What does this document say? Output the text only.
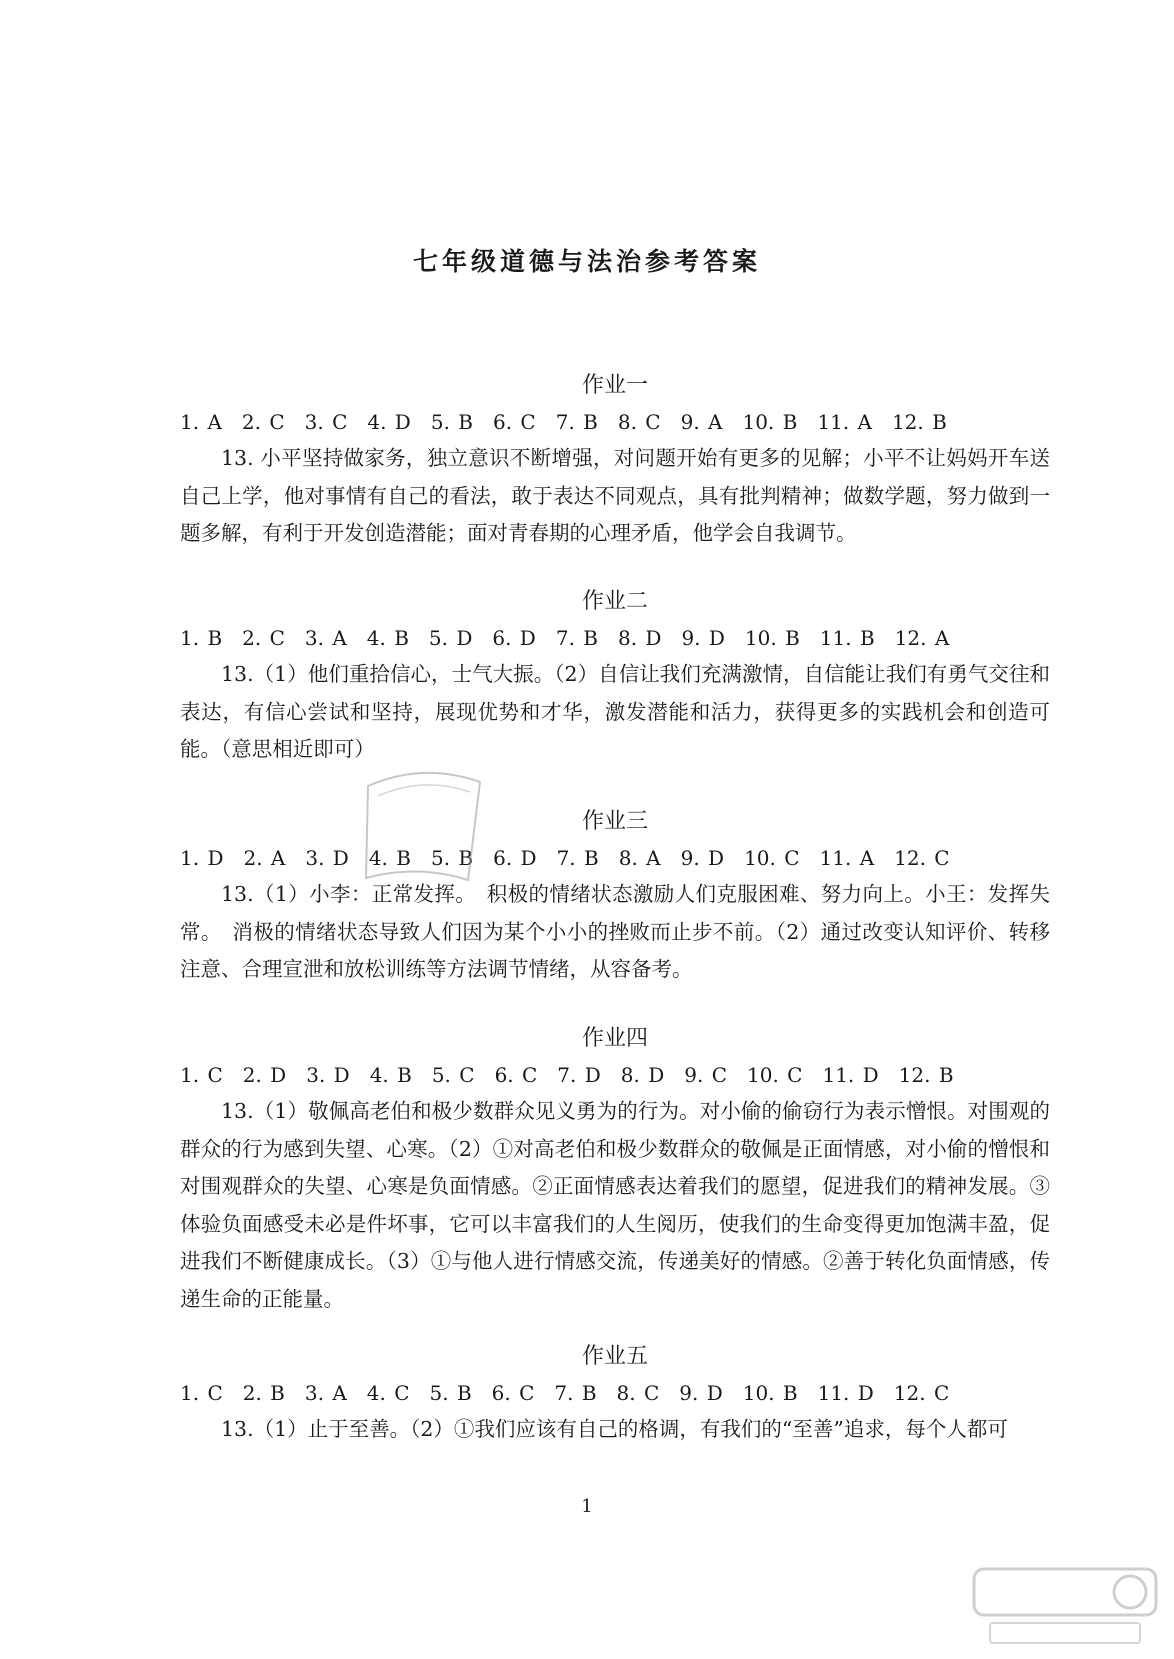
七年级道德与法治参考答案
作业一
1. A　2. C　3. C　4. D　5. B　6. C　7. B　8. C　9. A　10. B　11. A　12. B

13. 小平坚持做家务，独立意识不断增强，对问题开始有更多的见解；小平不让妈妈开车送自己上学，他对事情有自己的看法，敢于表达不同观点，具有批判精神；做数学题，努力做到一题多解，有利于开发创造潜能；面对青春期的心理矛盾，他学会自我调节。

作业二
1. B　2. C　3. A　4. B　5. D　6. D　7. B　8. D　9. D　10. B　11. B　12. A

13.（1）他们重拾信心，士气大振。（2）自信让我们充满激情，自信能让我们有勇气交往和表达，有信心尝试和坚持，展现优势和才华，激发潜能和活力，获得更多的实践机会和创造可能。（意思相近即可）

作业三
1. D　2. A　3. D　4. B　5. B　6. D　7. B　8. A　9. D　10. C　11. A　12. C

13.（1）小李：正常发挥。　积极的情绪状态激励人们克服困难、努力向上。小王：发挥失常。　消极的情绪状态导致人们因为某个小小的挫败而止步不前。（2）通过改变认知评价、转移注意、合理宣泄和放松训练等方法调节情绪，从容备考。

作业四
1. C　2. D　3. D　4. B　5. C　6. C　7. D　8. D　9. C　10. C　11. D　12. B

13.（1）敬佩高老伯和极少数群众见义勇为的行为。对小偷的偷窃行为表示憎恨。对围观的群众的行为感到失望、心寒。（2）①对高老伯和极少数群众的敬佩是正面情感，对小偷的憎恨和对围观群众的失望、心寒是负面情感。②正面情感表达着我们的愿望，促进我们的精神发展。③体验负面感受未必是件坏事，它可以丰富我们的人生阅历，使我们的生命变得更加饱满丰盈，促进我们不断健康成长。（3）①与他人进行情感交流，传递美好的情感。②善于转化负面情感，传递生命的正能量。

作业五
1. C　2. B　3. A　4. C　5. B　6. C　7. B　8. C　9. D　10. B　11. D　12. C

13.（1）止于至善。（2）①我们应该有自己的格调，有我们的“至善”追求，每个人都可

1
